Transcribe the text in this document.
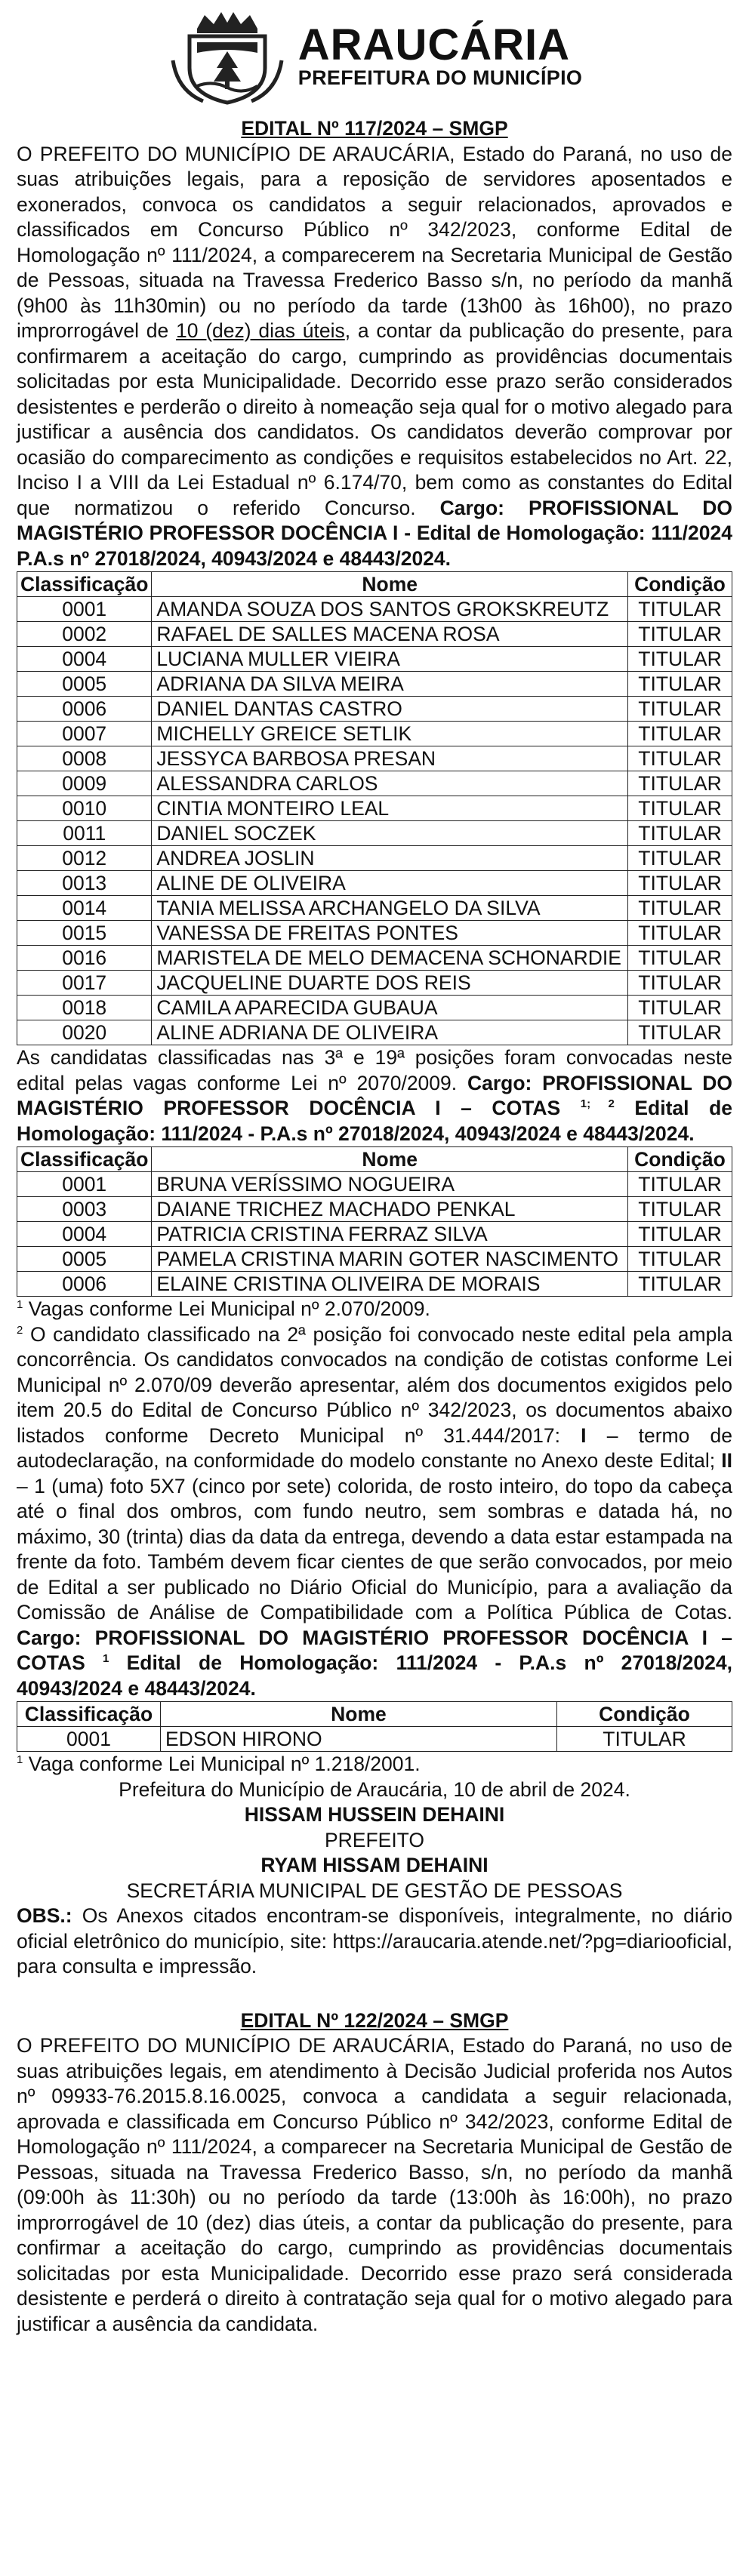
ARAUCÁRIA
PREFEITURA DO MUNICÍPIO
EDITAL Nº 117/2024 – SMGP

O PREFEITO DO MUNICÍPIO DE ARAUCÁRIA, Estado do Paraná, no uso de suas atribuições legais, para a reposição de servidores aposentados e exonerados, convoca os candidatos a seguir relacionados, aprovados e classificados em Concurso Público nº 342/2023, conforme Edital de Homologação nº 111/2024, a comparecerem na Secretaria Municipal de Gestão de Pessoas, situada na Travessa Frederico Basso s/n, no período da manhã (9h00 às 11h30min) ou no período da tarde (13h00 às 16h00), no prazo improrrogável de 10 (dez) dias úteis, a contar da publicação do presente, para confirmarem a aceitação do cargo, cumprindo as providências documentais solicitadas por esta Municipalidade. Decorrido esse prazo serão considerados desistentes e perderão o direito à nomeação seja qual for o motivo alegado para justificar a ausência dos candidatos. Os candidatos deverão comprovar por ocasião do comparecimento as condições e requisitos estabelecidos no Art. 22, Inciso I a VIII da Lei Estadual nº 6.174/70, bem como as constantes do Edital que normatizou o referido Concurso. Cargo: PROFISSIONAL DO MAGISTÉRIO PROFESSOR DOCÊNCIA I - Edital de Homologação: 111/2024 P.A.s nº 27018/2024, 40943/2024 e 48443/2024.

Classificação	Nome	Condição
0001	AMANDA SOUZA DOS SANTOS GROKSKREUTZ	TITULAR
0002	RAFAEL DE SALLES MACENA ROSA	TITULAR
0004	LUCIANA MULLER VIEIRA	TITULAR
0005	ADRIANA DA SILVA MEIRA	TITULAR
0006	DANIEL DANTAS CASTRO	TITULAR
0007	MICHELLY GREICE SETLIK	TITULAR
0008	JESSYCA BARBOSA PRESAN	TITULAR
0009	ALESSANDRA CARLOS	TITULAR
0010	CINTIA MONTEIRO LEAL	TITULAR
0011	DANIEL SOCZEK	TITULAR
0012	ANDREA JOSLIN	TITULAR
0013	ALINE DE OLIVEIRA	TITULAR
0014	TANIA MELISSA ARCHANGELO DA SILVA	TITULAR
0015	VANESSA DE FREITAS PONTES	TITULAR
0016	MARISTELA DE MELO DEMACENA SCHONARDIE	TITULAR
0017	JACQUELINE DUARTE DOS REIS	TITULAR
0018	CAMILA APARECIDA GUBAUA	TITULAR
0020	ALINE ADRIANA DE OLIVEIRA	TITULAR

As candidatas classificadas nas 3ª e 19ª posições foram convocadas neste edital pelas vagas conforme Lei nº 2070/2009. Cargo: PROFISSIONAL DO MAGISTÉRIO PROFESSOR DOCÊNCIA I – COTAS $^{1; 2}$ Edital de Homologação: 111/2024 - P.A.s nº 27018/2024, 40943/2024 e 48443/2024.

Classificação	Nome	Condição
0001	BRUNA VERÍSSIMO NOGUEIRA	TITULAR
0003	DAIANE TRICHEZ MACHADO PENKAL	TITULAR
0004	PATRICIA CRISTINA FERRAZ SILVA	TITULAR
0005	PAMELA CRISTINA MARIN GOTER NASCIMENTO	TITULAR
0006	ELAINE CRISTINA OLIVEIRA DE MORAIS	TITULAR

$^1$ Vagas conforme Lei Municipal nº 2.070/2009.

$^2$ O candidato classificado na 2ª posição foi convocado neste edital pela ampla concorrência. Os candidatos convocados na condição de cotistas conforme Lei Municipal nº 2.070/09 deverão apresentar, além dos documentos exigidos pelo item 20.5 do Edital de Concurso Público nº 342/2023, os documentos abaixo listados conforme Decreto Municipal nº 31.444/2017: I – termo de autodeclaração, na conformidade do modelo constante no Anexo deste Edital; II – 1 (uma) foto 5X7 (cinco por sete) colorida, de rosto inteiro, do topo da cabeça até o final dos ombros, com fundo neutro, sem sombras e datada há, no máximo, 30 (trinta) dias da data da entrega, devendo a data estar estampada na frente da foto. Também devem ficar cientes de que serão convocados, por meio de Edital a ser publicado no Diário Oficial do Município, para a avaliação da Comissão de Análise de Compatibilidade com a Política Pública de Cotas. Cargo: PROFISSIONAL DO MAGISTÉRIO PROFESSOR DOCÊNCIA I – COTAS $^1$ Edital de Homologação: 111/2024 - P.A.s nº 27018/2024, 40943/2024 e 48443/2024.

Classificação	Nome	Condição
0001	EDSON HIRONO	TITULAR

$^1$ Vaga conforme Lei Municipal nº 1.218/2001.

Prefeitura do Município de Araucária, 10 de abril de 2024.

HISSAM HUSSEIN DEHAINI

PREFEITO

RYAM HISSAM DEHAINI

SECRETÁRIA MUNICIPAL DE GESTÃO DE PESSOAS

OBS.: Os Anexos citados encontram-se disponíveis, integralmente, no diário oficial eletrônico do município, site: https://araucaria.atende.net/?pg=diariooficial, para consulta e impressão.

EDITAL Nº 122/2024 – SMGP

O PREFEITO DO MUNICÍPIO DE ARAUCÁRIA, Estado do Paraná, no uso de suas atribuições legais, em atendimento à Decisão Judicial proferida nos Autos nº 09933-76.2015.8.16.0025, convoca a candidata a seguir relacionada, aprovada e classificada em Concurso Público nº 342/2023, conforme Edital de Homologação nº 111/2024, a comparecer na Secretaria Municipal de Gestão de Pessoas, situada na Travessa Frederico Basso, s/n, no período da manhã (09:00h às 11:30h) ou no período da tarde (13:00h às 16:00h), no prazo improrrogável de 10 (dez) dias úteis, a contar da publicação do presente, para confirmar a aceitação do cargo, cumprindo as providências documentais solicitadas por esta Municipalidade. Decorrido esse prazo será considerada desistente e perderá o direito à contratação seja qual for o motivo alegado para justificar a ausência da candidata.
